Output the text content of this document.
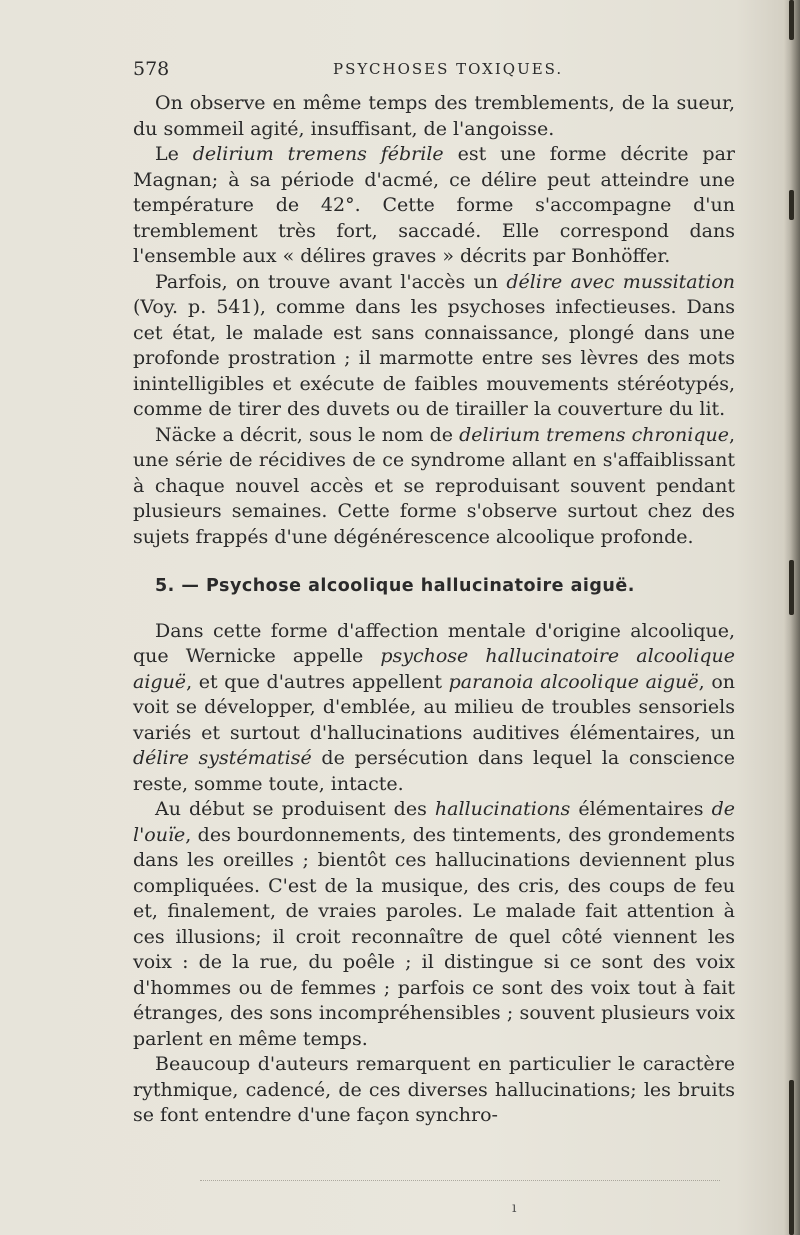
578	PSYCHOSES TOXIQUES.

On observe en même temps des tremblements, de la sueur, du sommeil agité, insuffisant, de l'angoisse.

Le delirium tremens fébrile est une forme décrite par Magnan; à sa période d'acmé, ce délire peut atteindre une température de 42°. Cette forme s'accompagne d'un tremblement très fort, saccadé. Elle correspond dans l'ensemble aux « délires graves » décrits par Bonhöffer.

Parfois, on trouve avant l'accès un délire avec mussitation (Voy. p. 541), comme dans les psychoses infectieuses. Dans cet état, le malade est sans connaissance, plongé dans une profonde prostration ; il marmotte entre ses lèvres des mots inintelligibles et exécute de faibles mouvements stéréotypés, comme de tirer des duvets ou de tirailler la couverture du lit.

Näcke a décrit, sous le nom de delirium tremens chronique, une série de récidives de ce syndrome allant en s'affaiblissant à chaque nouvel accès et se reproduisant souvent pendant plusieurs semaines. Cette forme s'observe surtout chez des sujets frappés d'une dégénérescence alcoolique profonde.

5. — Psychose alcoolique hallucinatoire aiguë.

Dans cette forme d'affection mentale d'origine alcoolique, que Wernicke appelle psychose hallucinatoire alcoolique aiguë, et que d'autres appellent paranoia alcoolique aiguë, on voit se développer, d'emblée, au milieu de troubles sensoriels variés et surtout d'hallucinations auditives élémentaires, un délire systématisé de persécution dans lequel la conscience reste, somme toute, intacte.

Au début se produisent des hallucinations élémentaires de l'ouïe, des bourdonnements, des tintements, des grondements dans les oreilles ; bientôt ces hallucinations deviennent plus compliquées. C'est de la musique, des cris, des coups de feu et, finalement, de vraies paroles. Le malade fait attention à ces illusions; il croit reconnaître de quel côté viennent les voix : de la rue, du poêle ; il distingue si ce sont des voix d'hommes ou de femmes ; parfois ce sont des voix tout à fait étranges, des sons incompréhensibles ; souvent plusieurs voix parlent en même temps.

Beaucoup d'auteurs remarquent en particulier le caractère rythmique, cadencé, de ces diverses hallucinations; les bruits se font entendre d'une façon synchro-

ı
